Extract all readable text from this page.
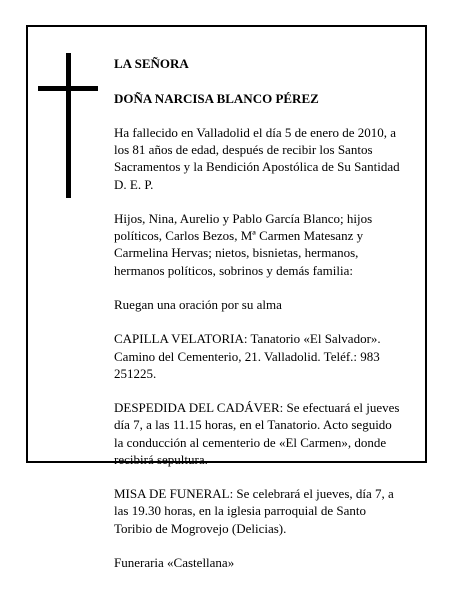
LA SEÑORA

DOÑA NARCISA BLANCO PÉREZ

Ha fallecido en Valladolid el día 5 de enero de 2010, a
los 81 años de edad, después de recibir los Santos
Sacramentos y la Bendición Apostólica de Su Santidad
D. E. P.

Hijos, Nina, Aurelio y Pablo García Blanco; hijos
políticos, Carlos Bezos, Mª Carmen Matesanz y
Carmelina Hervas; nietos, bisnietas, hermanos,
hermanos políticos, sobrinos y demás familia:

Ruegan una oración por su alma

CAPILLA VELATORIA: Tanatorio «El Salvador».
Camino del Cementerio, 21. Valladolid. Teléf.: 983
251225.

DESPEDIDA DEL CADÁVER: Se efectuará el jueves
día 7, a las 11.15 horas, en el Tanatorio. Acto seguido
la conducción al cementerio de «El Carmen», donde
recibirá sepultura.

MISA DE FUNERAL: Se celebrará el jueves, día 7, a
las 19.30 horas, en la iglesia parroquial de Santo
Toribio de Mogrovejo (Delicias).

Funeraria «Castellana»
